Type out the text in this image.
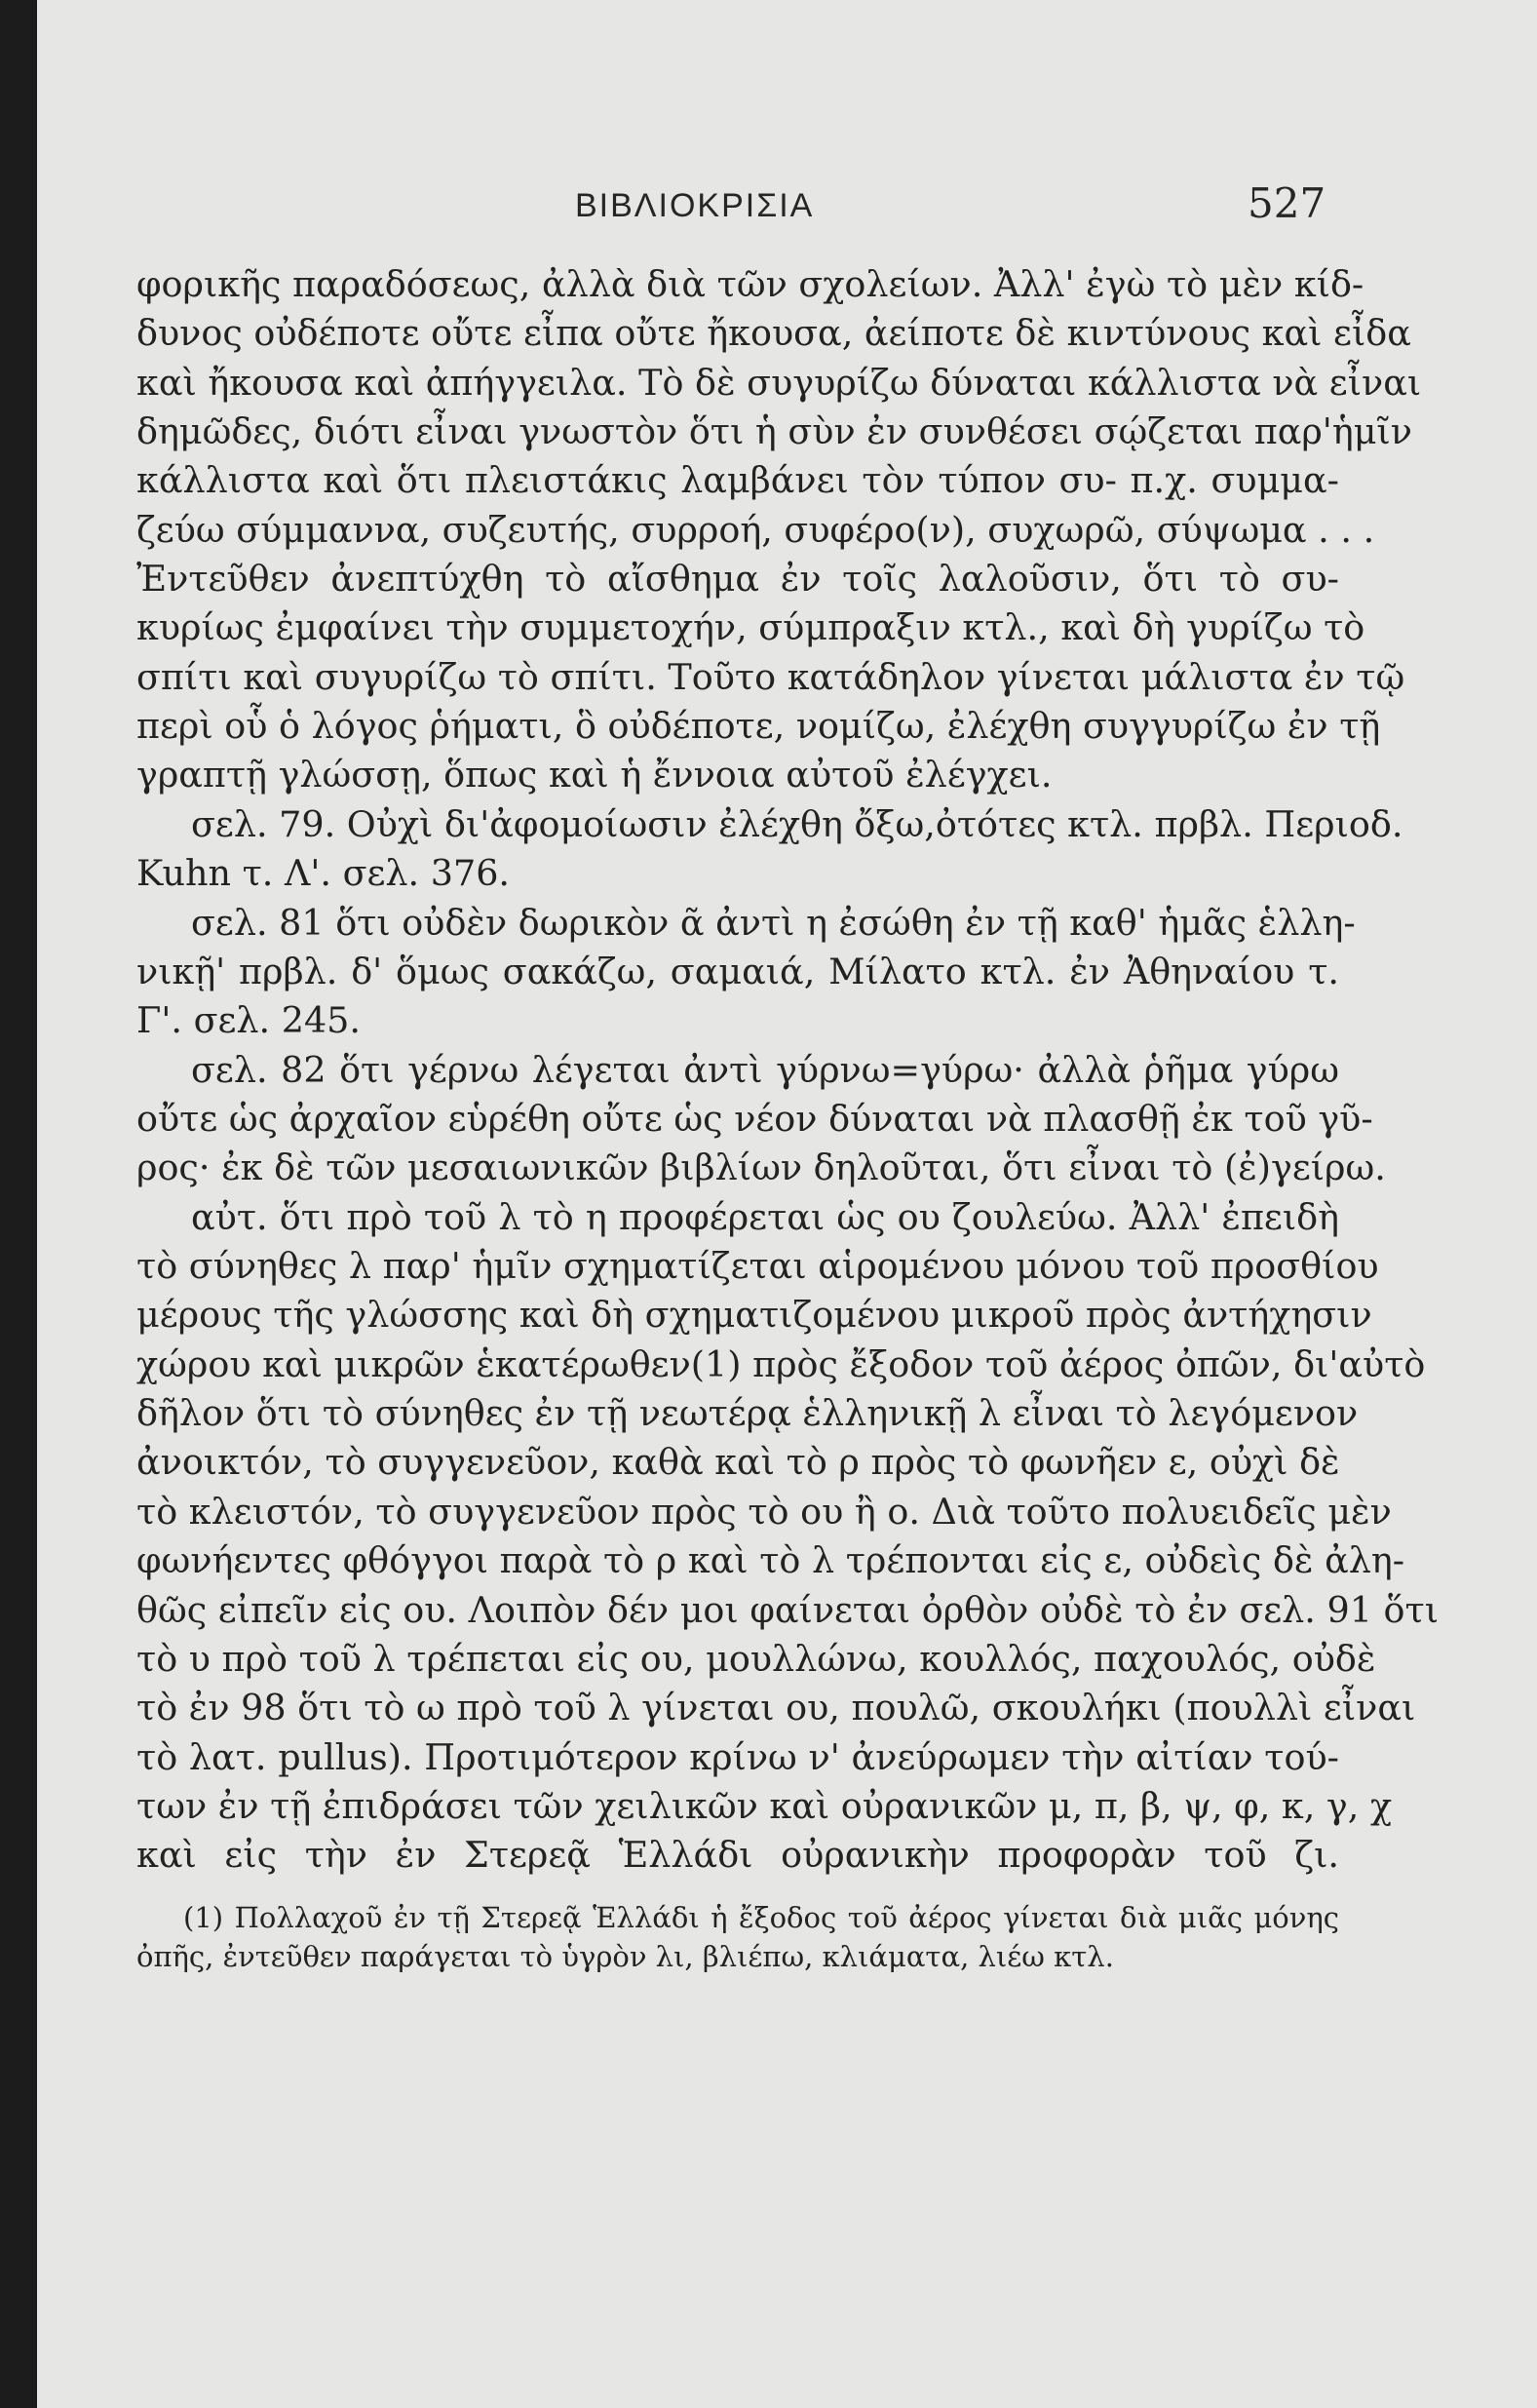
ΒΙΒΛΙΟΚΡΙΣΙΑ	527

φορικῆς παραδόσεως, ἀλλὰ διὰ τῶν σχολείων. Ἀλλ' ἐγὼ τὸ μὲν κίδ-

δυνος οὐδέποτε οὔτε εἶπα οὔτε ἤκουσα, ἀείποτε δὲ κιντύνους καὶ εἶδα

καὶ ἤκουσα καὶ ἀπήγγειλα. Τὸ δὲ συγυρίζω δύναται κάλλιστα νὰ εἶναι

δημῶδες, διότι εἶναι γνωστὸν ὅτι ἡ σὺν ἐν συνθέσει σῴζεται παρ'ἡμῖν

κάλλιστα καὶ ὅτι πλειστάκις λαμβάνει τὸν τύπον συ- π.χ. συμμα-

ζεύω σύμμαννα, συζευτής, συρροή, συφέρο(ν), συχωρῶ, σύψωμα . . .

Ἐντεῦθεν ἀνεπτύχθη τὸ αἴσθημα ἐν τοῖς λαλοῦσιν, ὅτι τὸ συ-

κυρίως ἐμφαίνει τὴν συμμετοχήν, σύμπραξιν κτλ., καὶ δὴ γυρίζω τὸ

σπίτι καὶ συγυρίζω τὸ σπίτι. Τοῦτο κατάδηλον γίνεται μάλιστα ἐν τῷ

περὶ οὗ ὁ λόγος ῥήματι, ὃ οὐδέποτε, νομίζω, ἐλέχθη συγγυρίζω ἐν τῇ

γραπτῇ γλώσσῃ, ὅπως καὶ ἡ ἔννοια αὐτοῦ ἐλέγχει.

σελ. 79. Οὐχὶ δι'ἀφομοίωσιν ἐλέχθη ὄξω,ὀτότες κτλ. πρβλ. Περιοδ.

Kuhn τ. Λ'. σελ. 376.

σελ. 81 ὅτι οὐδὲν δωρικὸν ᾶ ἀντὶ η ἐσώθη ἐν τῇ καθ' ἡμᾶς ἑλλη-

νικῇ' πρβλ. δ' ὅμως σακάζω, σαμαιά, Μίλατο κτλ. ἐν Ἀθηναίου τ.

Γ'. σελ. 245.

σελ. 82 ὅτι γέρνω λέγεται ἀντὶ γύρνω=γύρω· ἀλλὰ ῥῆμα γύρω

οὔτε ὡς ἀρχαῖον εὑρέθη οὔτε ὡς νέον δύναται νὰ πλασθῇ ἐκ τοῦ γῦ-

ρος· ἐκ δὲ τῶν μεσαιωνικῶν βιβλίων δηλοῦται, ὅτι εἶναι τὸ (ἐ)γείρω.

αὐτ. ὅτι πρὸ τοῦ λ τὸ η προφέρεται ὡς ου ζουλεύω. Ἀλλ' ἐπειδὴ

τὸ σύνηθες λ παρ' ἡμῖν σχηματίζεται αἱρομένου μόνου τοῦ προσθίου

μέρους τῆς γλώσσης καὶ δὴ σχηματιζομένου μικροῦ πρὸς ἀντήχησιν

χώρου καὶ μικρῶν ἑκατέρωθεν(1) πρὸς ἔξοδον τοῦ ἀέρος ὀπῶν, δι'αὐτὸ

δῆλον ὅτι τὸ σύνηθες ἐν τῇ νεωτέρᾳ ἑλληνικῇ λ εἶναι τὸ λεγόμενον

ἀνοικτόν, τὸ συγγενεῦον, καθὰ καὶ τὸ ρ πρὸς τὸ φωνῆεν ε, οὐχὶ δὲ

τὸ κλειστόν, τὸ συγγενεῦον πρὸς τὸ ου ἢ ο. Διὰ τοῦτο πολυειδεῖς μὲν

φωνήεντες φθόγγοι παρὰ τὸ ρ καὶ τὸ λ τρέπονται εἰς ε, οὐδεὶς δὲ ἀλη-

θῶς εἰπεῖν εἰς ου. Λοιπὸν δέν μοι φαίνεται ὀρθὸν οὐδὲ τὸ ἐν σελ. 91 ὅτι

τὸ υ πρὸ τοῦ λ τρέπεται εἰς ου, μουλλώνω, κουλλός, παχουλός, οὐδὲ

τὸ ἐν 98 ὅτι τὸ ω πρὸ τοῦ λ γίνεται ου, πουλῶ, σκουλήκι (πουλλὶ εἶναι

τὸ λατ. pullus). Προτιμότερον κρίνω ν' ἀνεύρωμεν τὴν αἰτίαν τού-

των ἐν τῇ ἐπιδράσει τῶν χειλικῶν καὶ οὐρανικῶν μ, π, β, ψ, φ, κ, γ, χ

καὶ εἰς τὴν ἐν Στερεᾷ Ἑλλάδι οὐρανικὴν προφορὰν τοῦ ζι.

(1) Πολλαχοῦ ἐν τῇ Στερεᾷ Ἑλλάδι ἡ ἔξοδος τοῦ ἀέρος γίνεται διὰ μιᾶς μόνης

ὀπῆς, ἐντεῦθεν παράγεται τὸ ὑγρὸν λι, βλιέπω, κλιάματα, λιέω κτλ.
